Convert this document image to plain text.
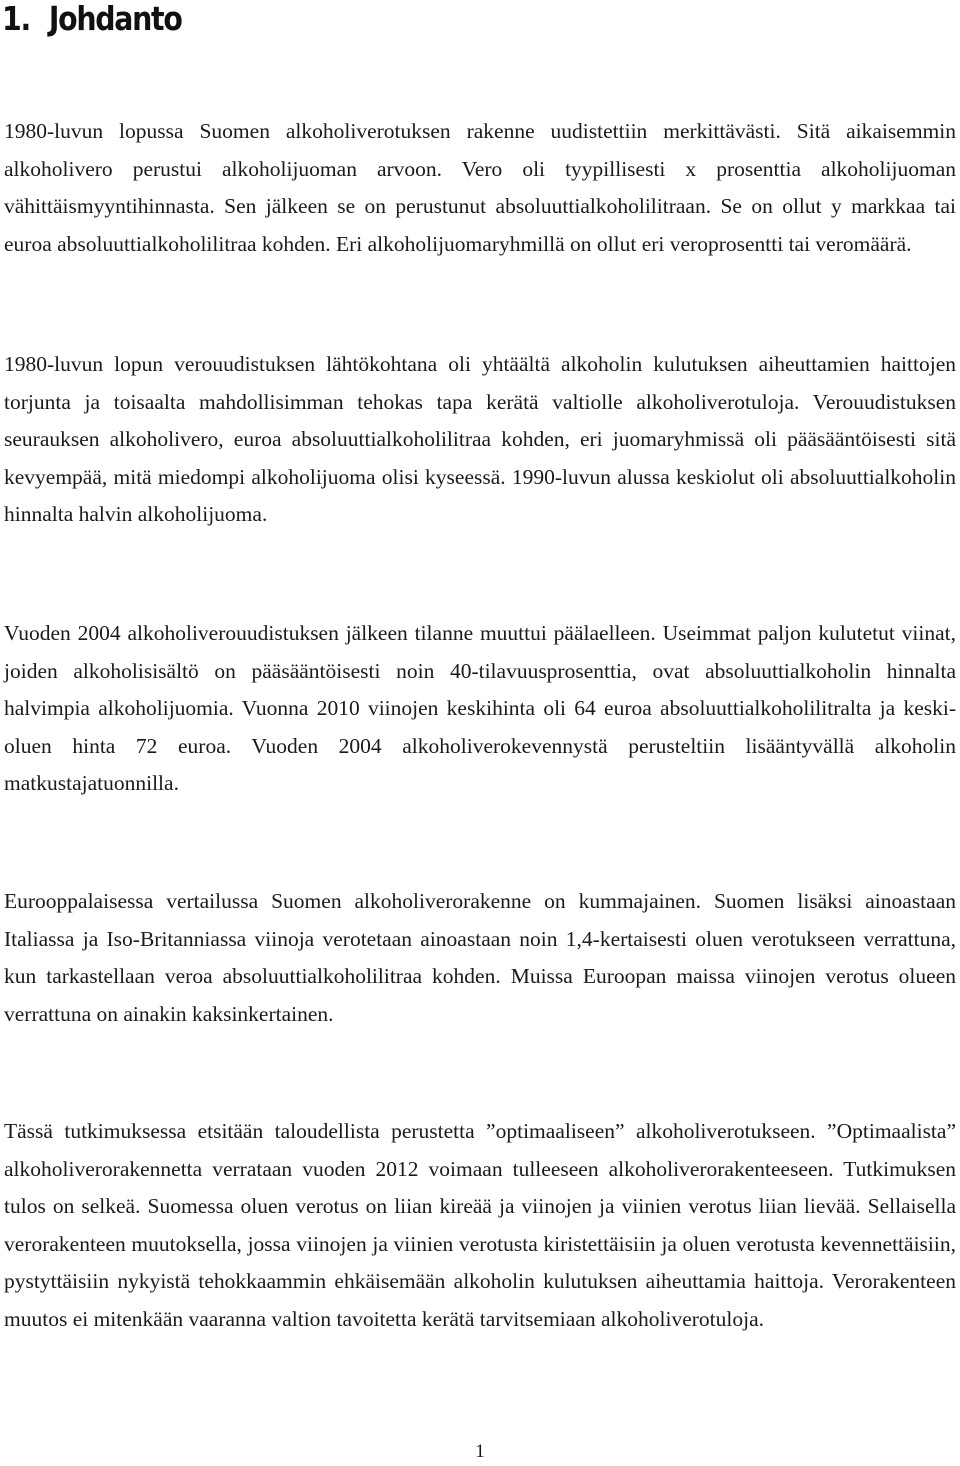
1. Johdanto

1980-luvun lopussa Suomen alkoholiverotuksen rakenne uudistettiin merkittävästi. Sitä aikaisemmin alkoholivero perustui alkoholijuoman arvoon. Vero oli tyypillisesti x prosenttia alkoholijuoman vähittäismyyntihinnasta. Sen jälkeen se on perustunut absoluuttialkoholilitraan. Se on ollut y markkaa tai euroa absoluuttialkoholilitraa kohden. Eri alkoholijuomaryhmillä on ollut eri veroprosentti tai veromäärä.

1980-luvun lopun verouudistuksen lähtökohtana oli yhtäältä alkoholin kulutuksen aiheuttamien haittojen torjunta ja toisaalta mahdollisimman tehokas tapa kerätä valtiolle alkoholiverotuloja. Verouudistuksen seurauksen alkoholivero, euroa absoluuttialkoholilitraa kohden, eri juomaryhmissä oli pääsääntöisesti sitä kevyempää, mitä miedompi alkoholijuoma olisi kyseessä. 1990-luvun alussa keskiolut oli absoluuttialkoholin hinnalta halvin alkoholijuoma.

Vuoden 2004 alkoholiverouudistuksen jälkeen tilanne muuttui päälaelleen. Useimmat paljon kulutetut viinat, joiden alkoholisisältö on pääsääntöisesti noin 40-tilavuusprosenttia, ovat absoluuttialkoholin hinnalta halvimpia alkoholijuomia. Vuonna 2010 viinojen keskihinta oli 64 euroa absoluuttialkoholilitralta ja keski-oluen hinta 72 euroa. Vuoden 2004 alkoholiverokevennystä perusteltiin lisääntyvällä alkoholin matkustajatuonnilla.

Eurooppalaisessa vertailussa Suomen alkoholiverorakenne on kummajainen. Suomen lisäksi ainoastaan Italiassa ja Iso-Britanniassa viinoja verotetaan ainoastaan noin 1,4-kertaisesti oluen verotukseen verrattuna, kun tarkastellaan veroa absoluuttialkoholilitraa kohden. Muissa Euroopan maissa viinojen verotus olueen verrattuna on ainakin kaksinkertainen.

Tässä tutkimuksessa etsitään taloudellista perustetta ”optimaaliseen” alkoholiverotukseen. ”Optimaalista” alkoholiverorakennetta verrataan vuoden 2012 voimaan tulleeseen alkoholiverorakenteeseen. Tutkimuksen tulos on selkeä. Suomessa oluen verotus on liian kireää ja viinojen ja viinien verotus liian lievää. Sellaisella verorakenteen muutoksella, jossa viinojen ja viinien verotusta kiristettäisiin ja oluen verotusta kevennettäisiin, pystyttäisiin nykyistä tehokkaammin ehkäisemään alkoholin kulutuksen aiheuttamia haittoja. Verorakenteen muutos ei mitenkään vaaranna valtion tavoitetta kerätä tarvitsemiaan alkoholiverotuloja.

1
